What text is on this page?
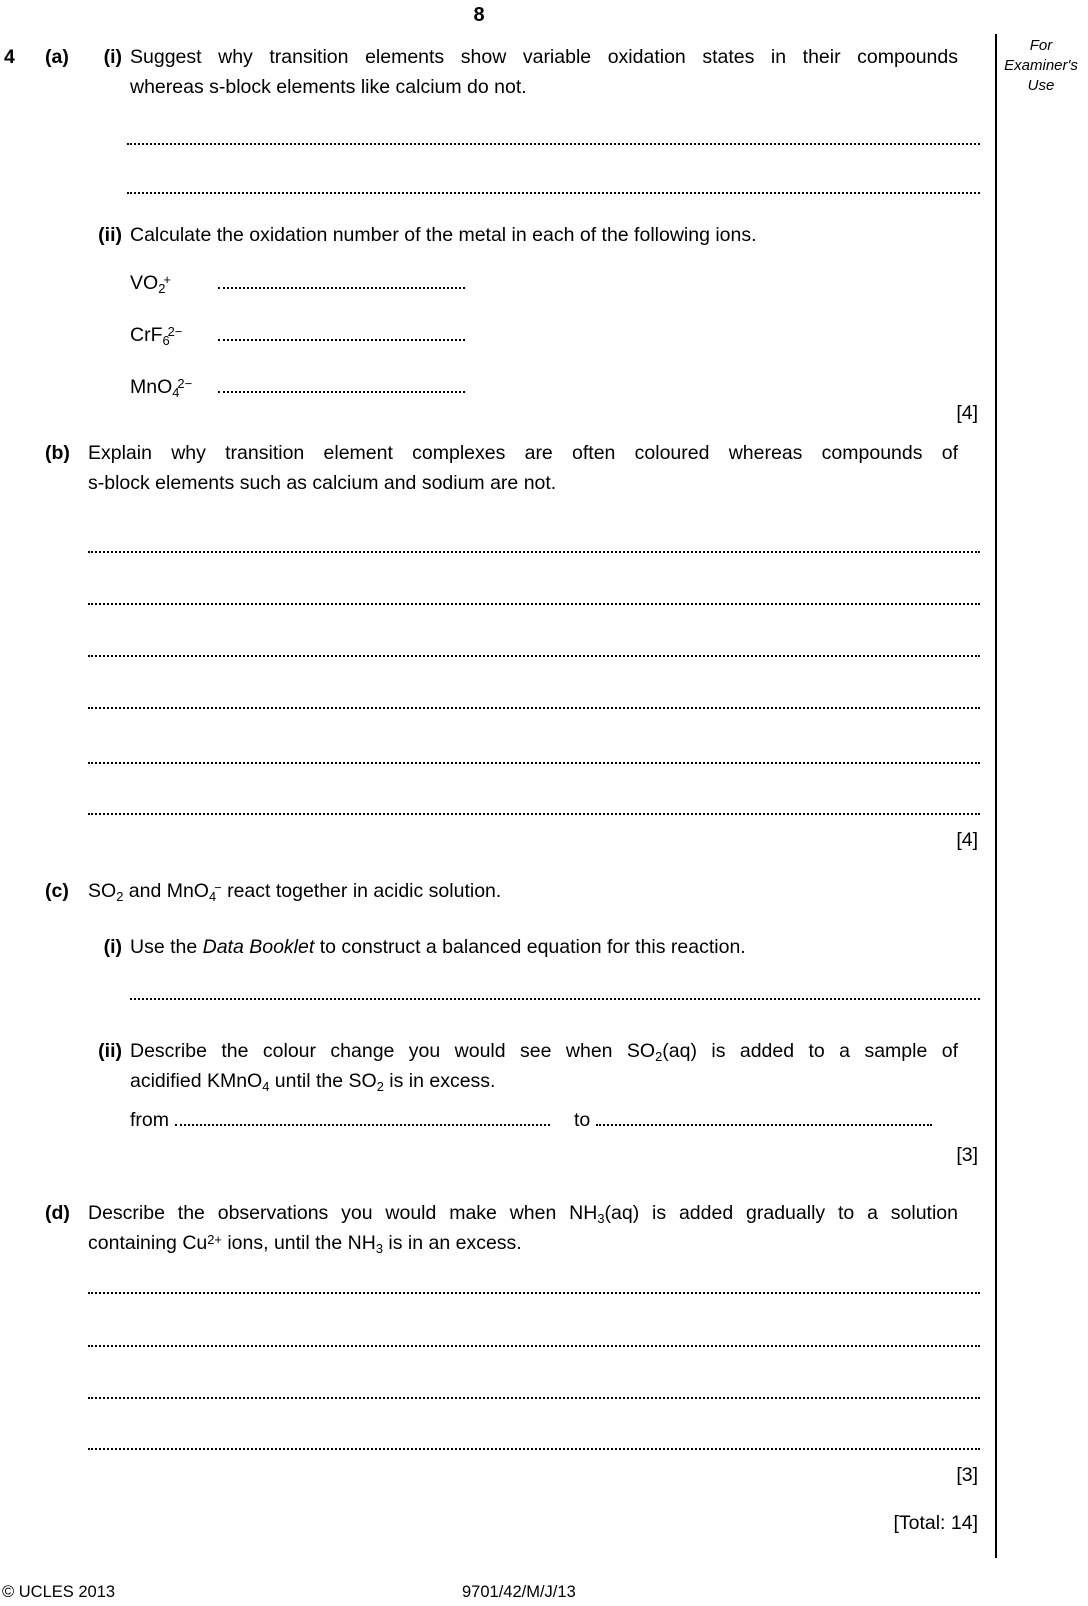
8
For
Examiner's
Use
4	(a)	(i) Suggest why transition elements show variable oxidation states in their compounds
whereas s-block elements like calcium do not.
(ii) Calculate the oxidation number of the metal in each of the following ions.
$VO_2^+$
CrF$_6^{2-}$
MnO$_4^{2-}$
[4]
(b) Explain why transition element complexes are often coloured whereas compounds of
s-block elements such as calcium and sodium are not.
[4]
(c) $SO_2$ and MnO$_4$− react together in acidic solution.
(i) Use the Data Booklet to construct a balanced equation for this reaction.
(ii) Describe the colour change you would see when $SO_2(aq)$ is added to a sample of
acidified KMnO$_4$ until the $SO_2$ is in excess.
from	to
[3]
(d) Describe the observations you would make when $NH_3(aq)$ is added gradually to a solution
containing $Cu^{2+}$ ions, until the $NH_3$ is in an excess.
[3]
[Total: 14]
© UCLES 2013	9701/42/M/J/13
